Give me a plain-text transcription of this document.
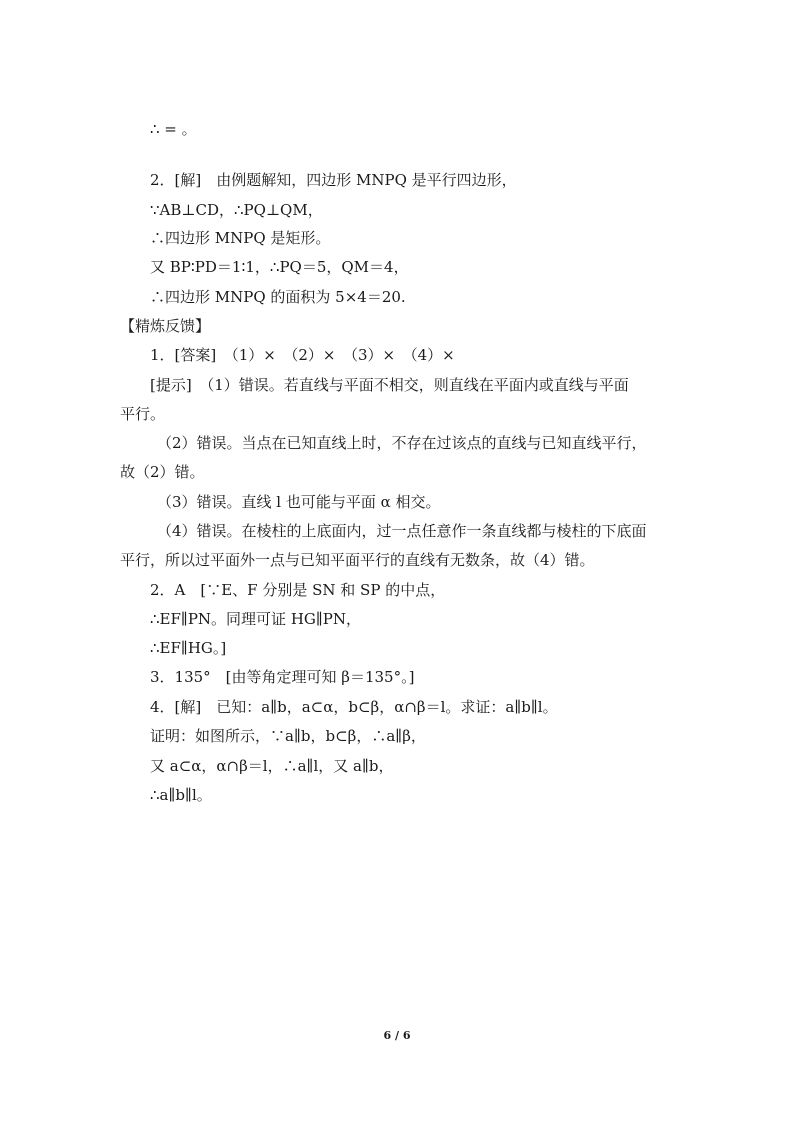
∴ = 。
2．[解]　由例题解知，四边形 MNPQ 是平行四边形，
∵AB⊥CD，∴PQ⊥QM，
∴四边形 MNPQ 是矩形。
又 BP∶PD＝1∶1，∴PQ＝5，QM＝4，
∴四边形 MNPQ 的面积为 5×4＝20.
【精炼反馈】
1．[答案]　（1）×　（2）×　（3）×　（4）×
[提示]　（1）错误。若直线与平面不相交，则直线在平面内或直线与平面
平行。
（2）错误。当点在已知直线上时，不存在过该点的直线与已知直线平行，
故（2）错。
（3）错误。直线 l 也可能与平面 α 相交。
（4）错误。在棱柱的上底面内，过一点任意作一条直线都与棱柱的下底面
平行，所以过平面外一点与已知平面平行的直线有无数条，故（4）错。
2．A　[∵E、F 分别是 SN 和 SP 的中点，
∴EF∥PN。同理可证 HG∥PN，
∴EF∥HG。]
3．135°　[由等角定理可知 β＝135°。]
4．[解]　已知：a∥b，a⊂α，b⊂β，α∩β＝l。求证：a∥b∥l。
证明：如图所示，∵a∥b，b⊂β，∴a∥β，
又 a⊂α，α∩β＝l，∴a∥l，又 a∥b，
∴a∥b∥l。
6 / 6
